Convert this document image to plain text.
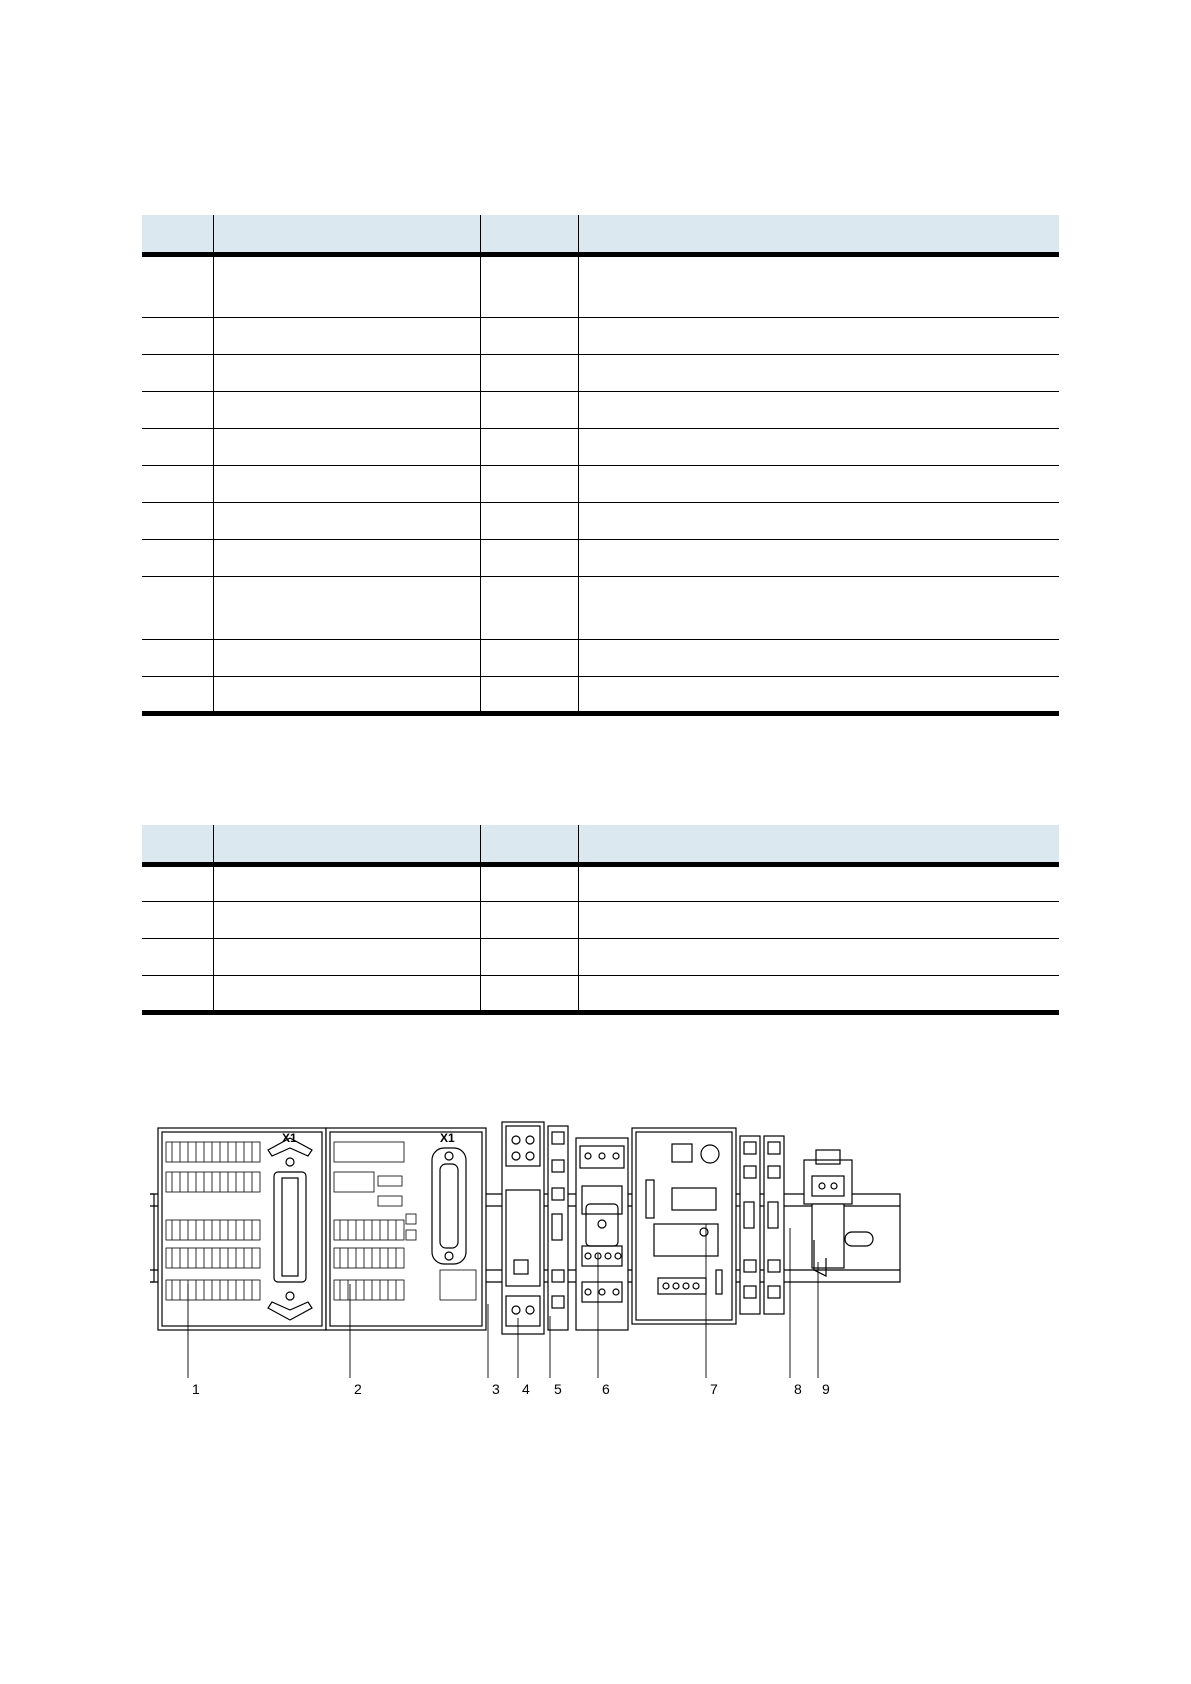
1	2	3 4 5	6	7	8 9
X1	X1
